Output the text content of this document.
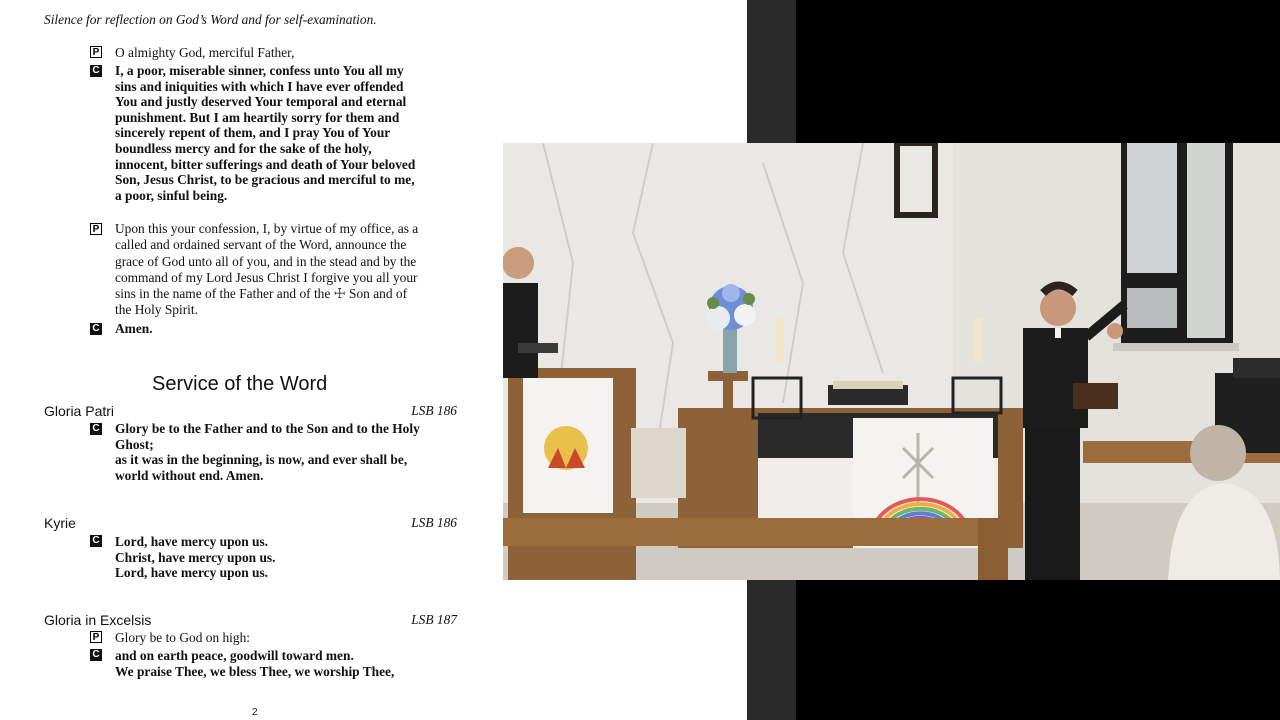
Silence for reflection on God’s Word and for self-examination.
P O almighty God, merciful Father,
C I, a poor, miserable sinner, confess unto You all my
sins and iniquities with which I have ever offended
You and justly deserved Your temporal and eternal
punishment. But I am heartily sorry for them and
sincerely repent of them, and I pray You of Your
boundless mercy and for the sake of the holy,
innocent, bitter sufferings and death of Your beloved
Son, Jesus Christ, to be gracious and merciful to me,
a poor, sinful being.
P Upon this your confession, I, by virtue of my office, as a
called and ordained servant of the Word, announce the
grace of God unto all of you, and in the stead and by the
command of my Lord Jesus Christ I forgive you all your
sins in the name of the Father and of the ☩ Son and of
the Holy Spirit.
C Amen.
Service of the Word
Gloria Patri	LSB 186
C Glory be to the Father and to the Son and to the Holy
Ghost;
as it was in the beginning, is now, and ever shall be,
world without end. Amen.
Kyrie	LSB 186
C Lord, have mercy upon us.
Christ, have mercy upon us.
Lord, have mercy upon us.
Gloria in Excelsis	LSB 187
P Glory be to God on high:
C and on earth peace, goodwill toward men.
We praise Thee, we bless Thee, we worship Thee,
2
